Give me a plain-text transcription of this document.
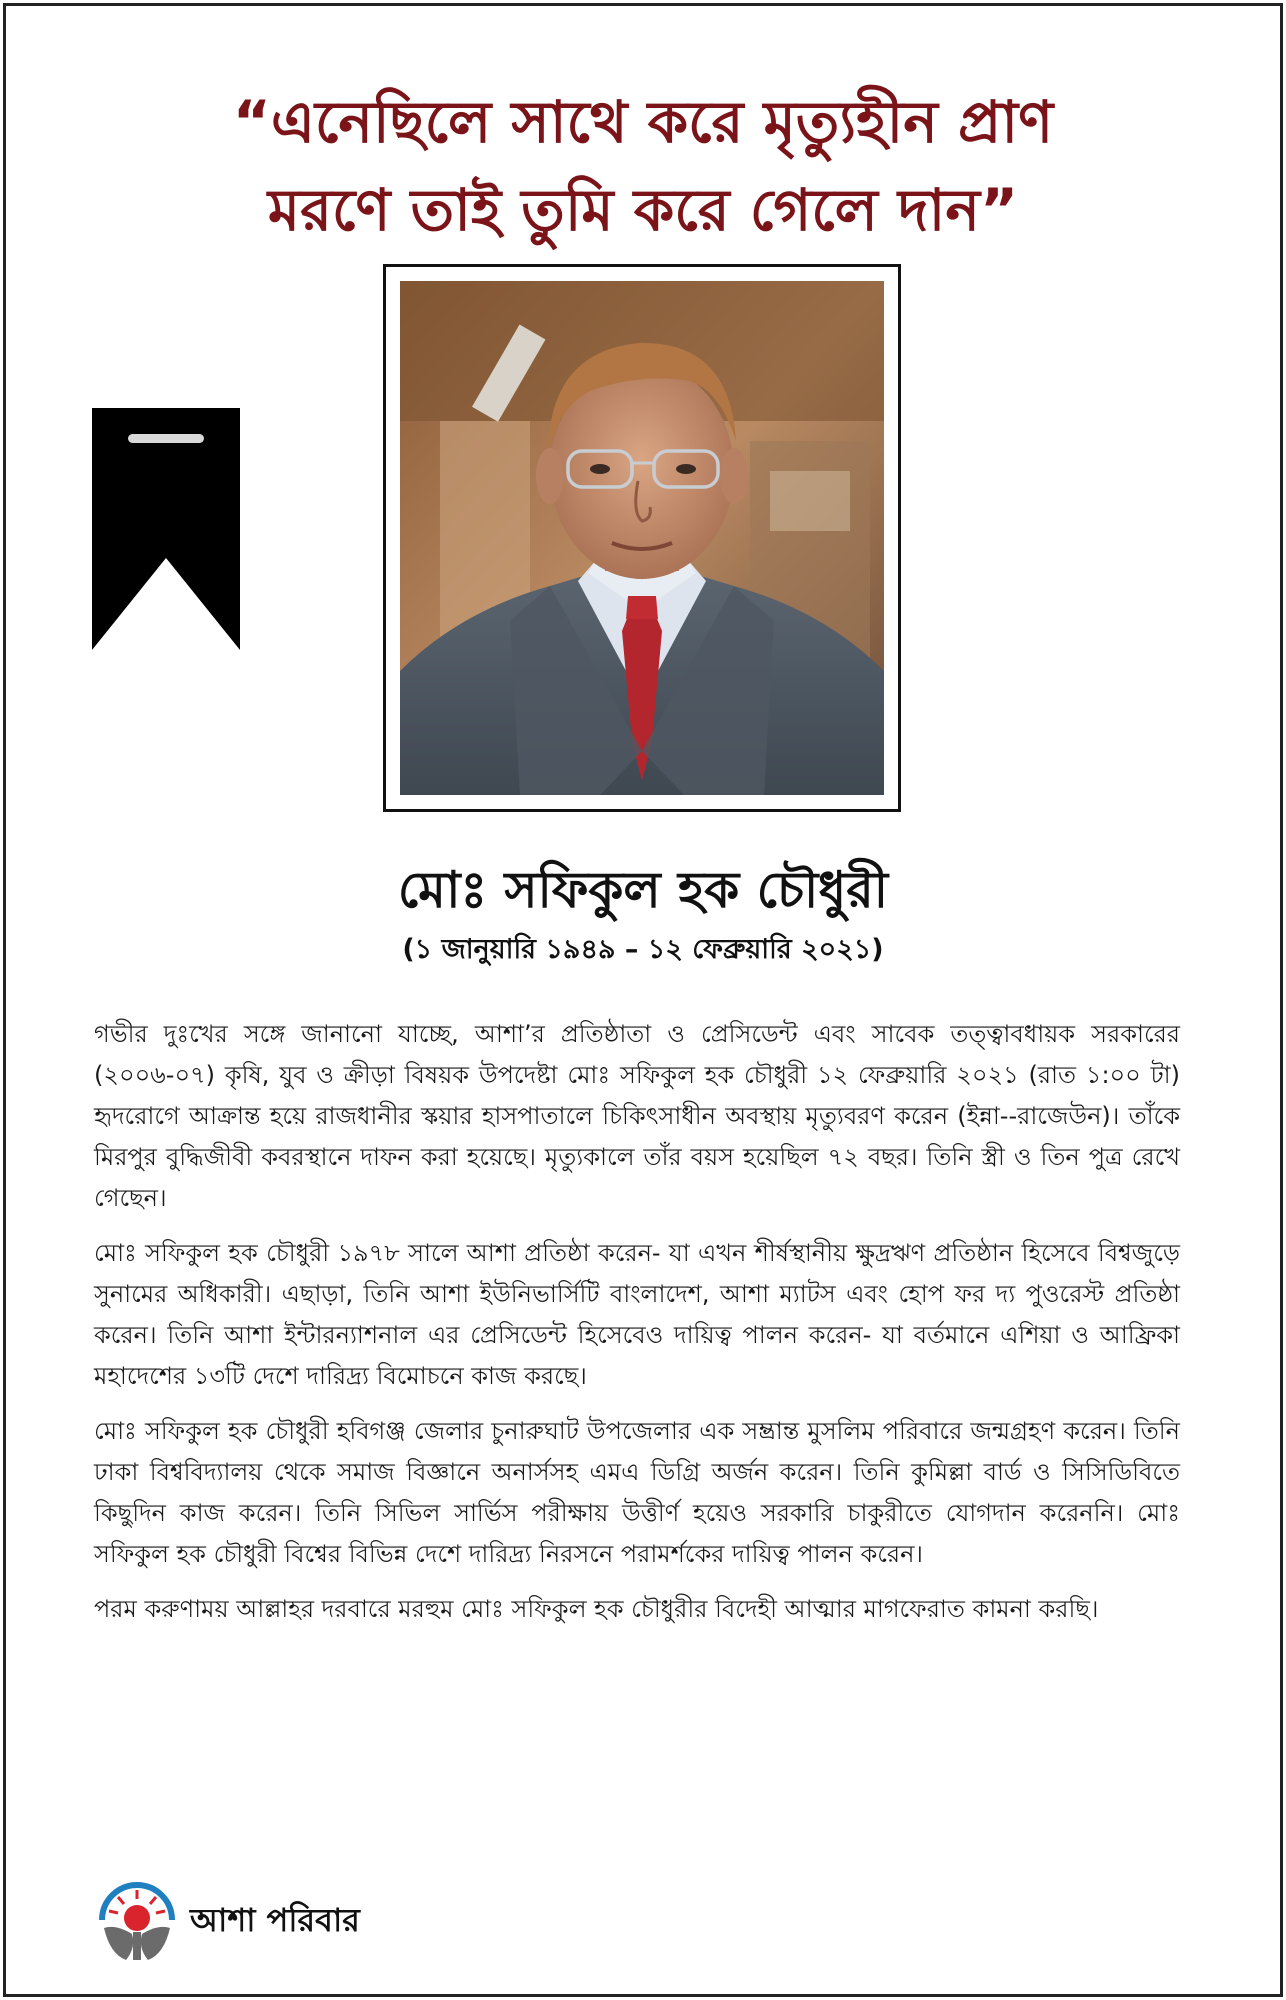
“এনেছিলে সাথে করে মৃত্যুহীন প্রাণ
মরণে তাই তুমি করে গেলে দান”
মোঃ সফিকুল হক চৌধুরী
(১ জানুয়ারি ১৯৪৯ – ১২ ফেব্রুয়ারি ২০২১)

গভীর দুঃখের সঙ্গে জানানো যাচ্ছে, আশা’র প্রতিষ্ঠাতা ও প্রেসিডেন্ট এবং সাবেক তত্ত্বাবধায়ক সরকারের (২০০৬-০৭) কৃষি, যুব ও ক্রীড়া বিষয়ক উপদেষ্টা মোঃ সফিকুল হক চৌধুরী ১২ ফেব্রুয়ারি ২০২১ (রাত ১:০০ টা) হৃদরোগে আক্রান্ত হয়ে রাজধানীর স্কয়ার হাসপাতালে চিকিৎসাধীন অবস্থায় মৃত্যুবরণ করেন (ইন্না--রাজেউন)। তাঁকে মিরপুর বুদ্ধিজীবী কবরস্থানে দাফন করা হয়েছে। মৃত্যুকালে তাঁর বয়স হয়েছিল ৭২ বছর। তিনি স্ত্রী ও তিন পুত্র রেখে গেছেন।

মোঃ সফিকুল হক চৌধুরী ১৯৭৮ সালে আশা প্রতিষ্ঠা করেন- যা এখন শীর্ষস্থানীয় ক্ষুদ্রঋণ প্রতিষ্ঠান হিসেবে বিশ্বজুড়ে সুনামের অধিকারী। এছাড়া, তিনি আশা ইউনিভার্সিটি বাংলাদেশ, আশা ম্যাটস এবং হোপ ফর দ্য পুওরেস্ট প্রতিষ্ঠা করেন। তিনি আশা ইন্টারন্যাশনাল এর প্রেসিডেন্ট হিসেবেও দায়িত্ব পালন করেন- যা বর্তমানে এশিয়া ও আফ্রিকা মহাদেশের ১৩টি দেশে দারিদ্র্য বিমোচনে কাজ করছে।

মোঃ সফিকুল হক চৌধুরী হবিগঞ্জ জেলার চুনারুঘাট উপজেলার এক সম্ভ্রান্ত মুসলিম পরিবারে জন্মগ্রহণ করেন। তিনি ঢাকা বিশ্ববিদ্যালয় থেকে সমাজ বিজ্ঞানে অনার্সসহ এমএ ডিগ্রি অর্জন করেন। তিনি কুমিল্লা বার্ড ও সিসিডিবিতে কিছুদিন কাজ করেন। তিনি সিভিল সার্ভিস পরীক্ষায় উত্তীর্ণ হয়েও সরকারি চাকুরীতে যোগদান করেননি। মোঃ সফিকুল হক চৌধুরী বিশ্বের বিভিন্ন দেশে দারিদ্র্য নিরসনে পরামর্শকের দায়িত্ব পালন করেন।

পরম করুণাময় আল্লাহর দরবারে মরহুম মোঃ সফিকুল হক চৌধুরীর বিদেহী আত্মার মাগফেরাত কামনা করছি।

আশা পরিবার
